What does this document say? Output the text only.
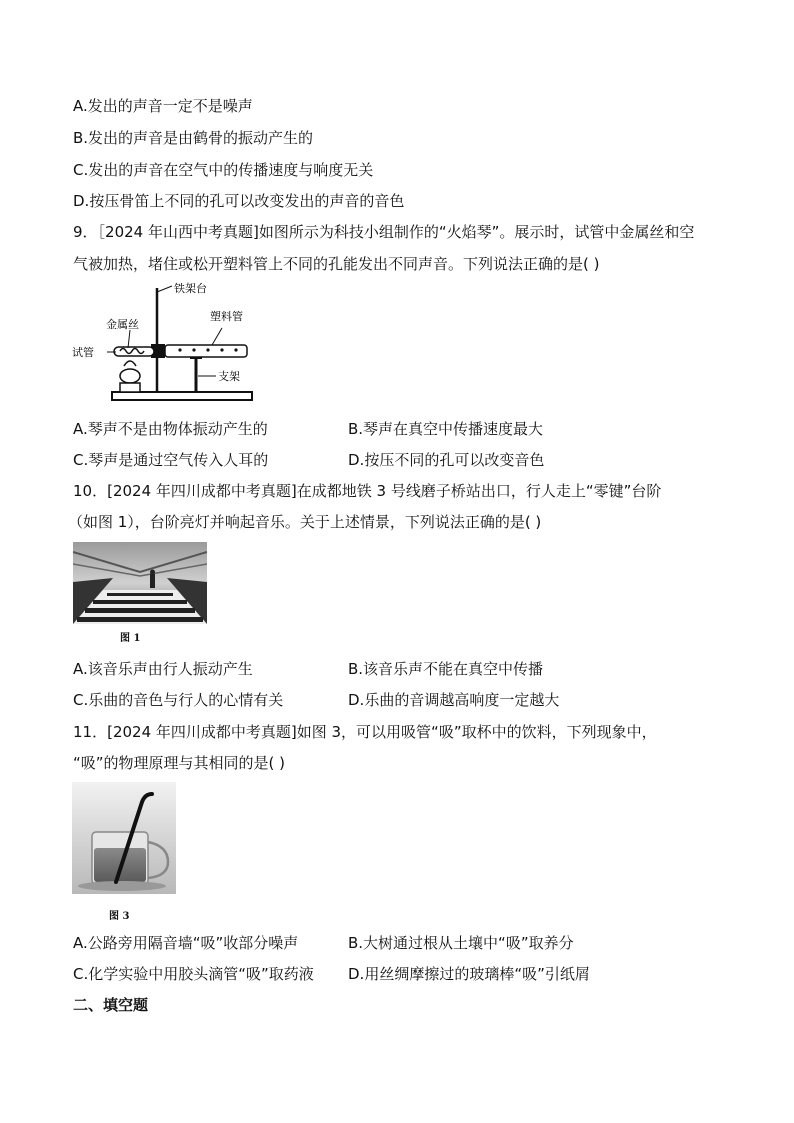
A.发出的声音一定不是噪声
B.发出的声音是由鹤骨的振动产生的
C.发出的声音在空气中的传播速度与响度无关
D.按压骨笛上不同的孔可以改变发出的声音的音色
9．［2024 年山西中考真题]如图所示为科技小组制作的“火焰琴”。展示时，试管中金属丝和空
气被加热，堵住或松开塑料管上不同的孔能发出不同声音。下列说法正确的是( )
铁架台
金属丝
塑料管
试管
支架
A.琴声不是由物体振动产生的	B.琴声在真空中传播速度最大
C.琴声是通过空气传入人耳的	D.按压不同的孔可以改变音色
10．[2024 年四川成都中考真题]在成都地铁 3 号线磨子桥站出口，行人走上“零键”台阶
（如图 1），台阶亮灯并响起音乐。关于上述情景，下列说法正确的是( )
图 1
A.该音乐声由行人振动产生	B.该音乐声不能在真空中传播
C.乐曲的音色与行人的心情有关	D.乐曲的音调越高响度一定越大
11．[2024 年四川成都中考真题]如图 3，可以用吸管“吸”取杯中的饮料，下列现象中，
“吸”的物理原理与其相同的是( )
图 3
A.公路旁用隔音墙“吸”收部分噪声	B.大树通过根从土壤中“吸”取养分
C.化学实验中用胶头滴管“吸”取药液 D.用丝绸摩擦过的玻璃棒“吸”引纸屑
二、填空题
